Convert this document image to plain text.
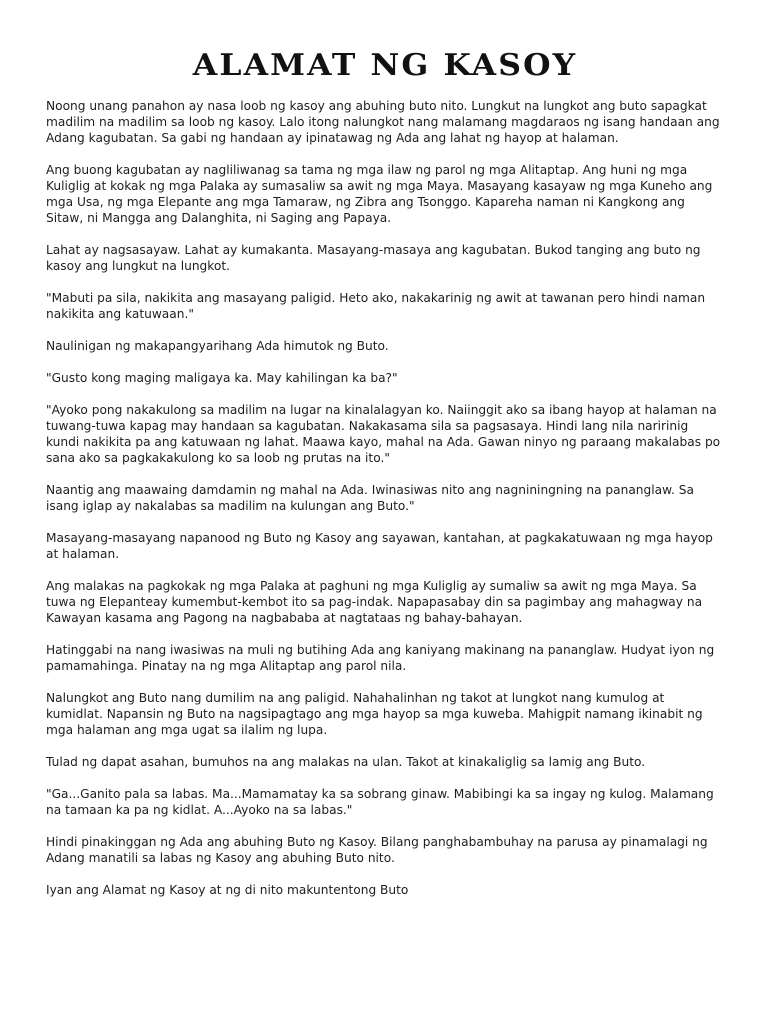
ALAMAT NG KASOY

Noong unang panahon ay nasa loob ng kasoy ang abuhing buto nito. Lungkut na lungkot ang buto sapagkat madilim na madilim sa loob ng kasoy. Lalo itong nalungkot nang malamang magdaraos ng isang handaan ang Adang kagubatan. Sa gabi ng handaan ay ipinatawag ng Ada ang lahat ng hayop at halaman.

Ang buong kagubatan ay nagliliwanag sa tama ng mga ilaw ng parol ng mga Alitaptap. Ang huni ng mga Kuliglig at kokak ng mga Palaka ay sumasaliw sa awit ng mga Maya. Masayang kasayaw ng mga Kuneho ang mga Usa, ng mga Elepante ang mga Tamaraw, ng Zibra ang Tsonggo. Kapareha naman ni Kangkong ang Sitaw, ni Mangga ang Dalanghita, ni Saging ang Papaya.

Lahat ay nagsasayaw. Lahat ay kumakanta. Masayang-masaya ang kagubatan. Bukod tanging ang buto ng kasoy ang lungkut na lungkot.

"Mabuti pa sila, nakikita ang masayang paligid. Heto ako, nakakarinig ng awit at tawanan pero hindi naman nakikita ang katuwaan."

Naulinigan ng makapangyarihang Ada himutok ng Buto.

"Gusto kong maging maligaya ka. May kahilingan ka ba?"

"Ayoko pong nakakulong sa madilim na lugar na kinalalagyan ko. Naiinggit ako sa ibang hayop at halaman na tuwang-tuwa kapag may handaan sa kagubatan. Nakakasama sila sa pagsasaya. Hindi lang nila naririnig kundi nakikita pa ang katuwaan ng lahat. Maawa kayo, mahal na Ada. Gawan ninyo ng paraang makalabas po sana ako sa pagkakakulong ko sa loob ng prutas na ito."

Naantig ang maawaing damdamin ng mahal na Ada. Iwinasiwas nito ang nagniningning na pananglaw. Sa isang iglap ay nakalabas sa madilim na kulungan ang Buto."

Masayang-masayang napanood ng Buto ng Kasoy ang sayawan, kantahan, at pagkakatuwaan ng mga hayop at halaman.

Ang malakas na pagkokak ng mga Palaka at paghuni ng mga Kuliglig ay sumaliw sa awit ng mga Maya. Sa tuwa ng Elepanteay kumembut-kembot ito sa pag-indak. Napapasabay din sa pagimbay ang mahagway na Kawayan kasama ang Pagong na nagbababa at nagtataas ng bahay-bahayan.

Hatinggabi na nang iwasiwas na muli ng butihing Ada ang kaniyang makinang na pananglaw. Hudyat iyon ng pamamahinga. Pinatay na ng mga Alitaptap ang parol nila.

Nalungkot ang Buto nang dumilim na ang paligid. Nahahalinhan ng takot at lungkot nang kumulog at kumidlat. Napansin ng Buto na nagsipagtago ang mga hayop sa mga kuweba. Mahigpit namang ikinabit ng mga halaman ang mga ugat sa ilalim ng lupa.

Tulad ng dapat asahan, bumuhos na ang malakas na ulan. Takot at kinakaliglig sa lamig ang Buto.

"Ga...Ganito pala sa labas. Ma...Mamamatay ka sa sobrang ginaw. Mabibingi ka sa ingay ng kulog. Malamang na tamaan ka pa ng kidlat. A...Ayoko na sa labas."

Hindi pinakinggan ng Ada ang abuhing Buto ng Kasoy. Bilang panghabambuhay na parusa ay pinamalagi ng Adang manatili sa labas ng Kasoy ang abuhing Buto nito.

Iyan ang Alamat ng Kasoy at ng di nito makuntentong Buto
